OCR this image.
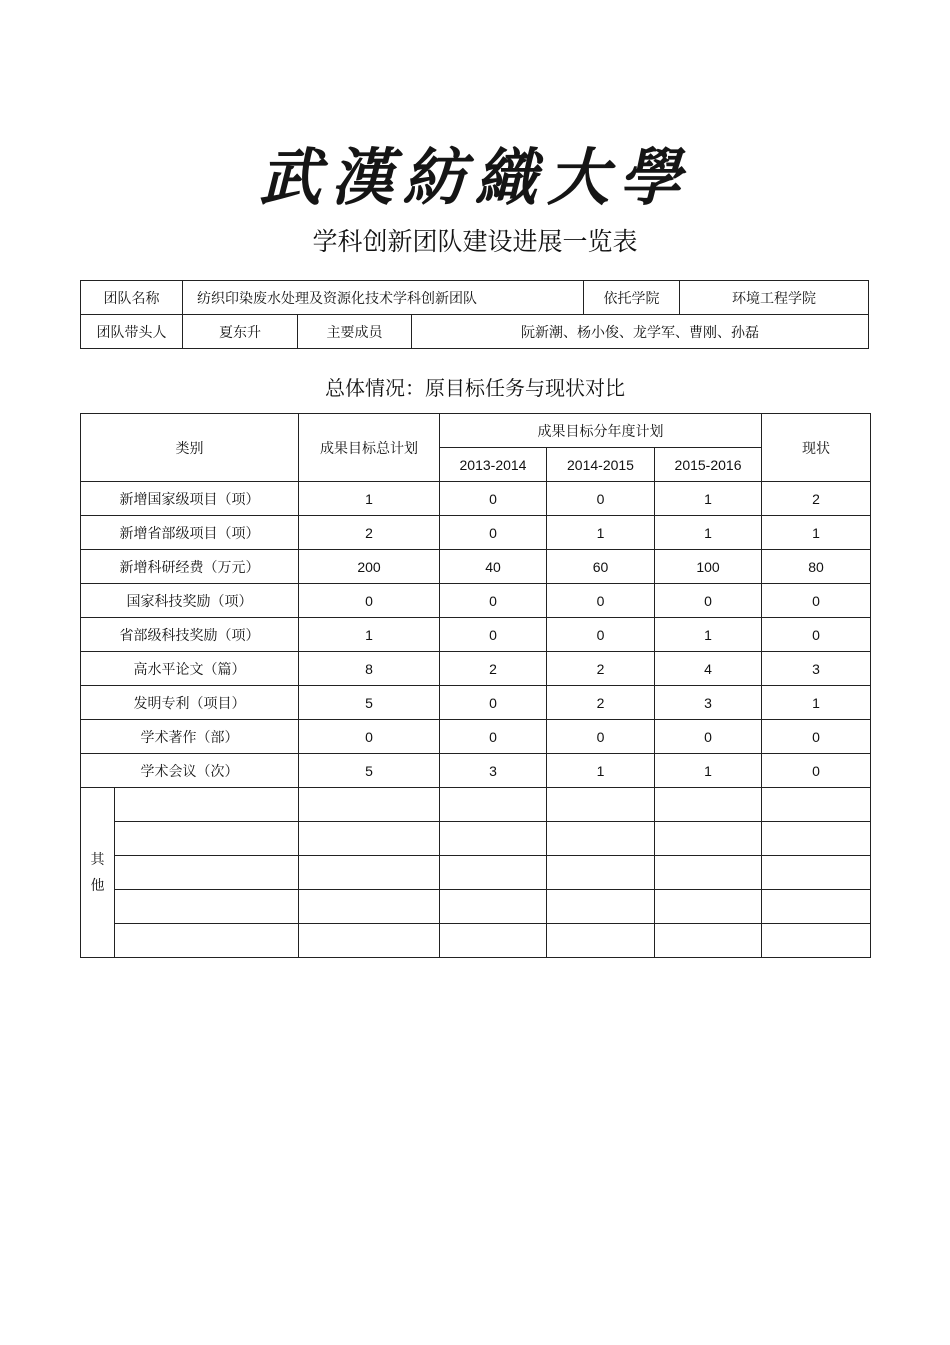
武漢紡織大學
学科创新团队建设进展一览表
团队名称	纺织印染废水处理及资源化技术学科创新团队			依托学院	环境工程学院
团队带头人	夏东升	主要成员	阮新潮、杨小俊、龙学军、曹刚、孙磊		
总体情况：原目标任务与现状对比
类别		成果目标总计划	成果目标分年度计划			现状
			2013-2014	2014-2015	2015-2016	
新增国家级项目（项）		1	0	0	1	2
新增省部级项目（项）		2	0	1	1	1
新增科研经费（万元）		200	40	60	100	80
国家科技奖励（项）		0	0	0	0	0
省部级科技奖励（项）		1	0	0	1	0
高水平论文（篇）		8	2	2	4	3
发明专利（项目）		5	0	2	3	1
学术著作（部）		0	0	0	0	0
学术会议（次）		5	3	1	1	0
其
他						
